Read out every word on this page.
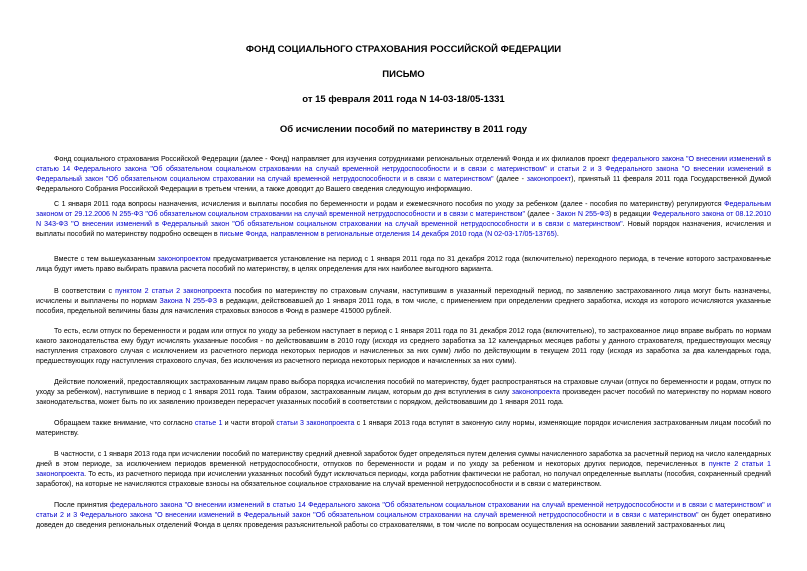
ФОНД СОЦИАЛЬНОГО СТРАХОВАНИЯ РОССИЙСКОЙ ФЕДЕРАЦИИ

ПИСЬМО

от 15 февраля 2011 года N 14-03-18/05-1331

Об исчислении пособий по материнству в 2011 году

Фонд социального страхования Российской Федерации (далее - Фонд) направляет для изучения сотрудниками региональных отделений Фонда и их филиалов проект федерального закона "О внесении изменений в статью 14 Федерального закона "Об обязательном социальном страховании на случай временной нетрудоспособности и в связи с материнством" и статьи 2 и 3 Федерального закона "О внесении изменений в Федеральный закон "Об обязательном социальном страховании на случай временной нетрудоспособности и в связи с материнством" (далее - законопроект), принятый 11 февраля 2011 года Государственной Думой Федерального Собрания Российской Федерации в третьем чтении, а также доводит до Вашего сведения следующую информацию.

С 1 января 2011 года вопросы назначения, исчисления и выплаты пособия по беременности и родам и ежемесячного пособия по уходу за ребенком (далее - пособия по материнству) регулируются Федеральным законом от 29.12.2006 N 255-ФЗ "Об обязательном социальном страховании на случай временной нетрудоспособности и в связи с материнством" (далее - Закон N 255-ФЗ) в редакции Федерального закона от 08.12.2010 N 343-ФЗ "О внесении изменений в Федеральный закон "Об обязательном социальном страховании на случай временной нетрудоспособности и в связи с материнством". Новый порядок назначения, исчисления и выплаты пособий по материнству подробно освещен в письме Фонда, направленном в региональные отделения 14 декабря 2010 года (N 02-03-17/05-13765).

Вместе с тем вышеуказанным законопроектом предусматривается установление на период с 1 января 2011 года по 31 декабря 2012 года (включительно) переходного периода, в течение которого застрахованные лица будут иметь право выбирать правила расчета пособий по материнству, в целях определения для них наиболее выгодного варианта.

В соответствии с пунктом 2 статьи 2 законопроекта пособия по материнству по страховым случаям, наступившим в указанный переходный период, по заявлению застрахованного лица могут быть назначены, исчислены и выплачены по нормам Закона N 255-ФЗ в редакции, действовавшей до 1 января 2011 года, в том числе, с применением при определении среднего заработка, исходя из которого исчисляются указанные пособия, предельной величины базы для начисления страховых взносов в Фонд в размере 415000 рублей.

То есть, если отпуск по беременности и родам или отпуск по уходу за ребенком наступает в период с 1 января 2011 года по 31 декабря 2012 года (включительно), то застрахованное лицо вправе выбрать по нормам какого законодательства ему будут исчислять указанные пособия - по действовавшим в 2010 году (исходя из среднего заработка за 12 календарных месяцев работы у данного страхователя, предшествующих месяцу наступления страхового случая с исключением из расчетного периода некоторых периодов и начисленных за них сумм) либо по действующим в текущем 2011 году (исходя из заработка за два календарных года, предшествующих году наступления страхового случая, без исключения из расчетного периода некоторых периодов и начисленных за них сумм).

Действие положений, предоставляющих застрахованным лицам право выбора порядка исчисления пособий по материнству, будет распространяться на страховые случаи (отпуск по беременности и родам, отпуск по уходу за ребенком), наступившие в период с 1 января 2011 года. Таким образом, застрахованным лицам, которым до дня вступления в силу законопроекта произведен расчет пособий по материнству по нормам нового законодательства, может быть по их заявлению произведен перерасчет указанных пособий в соответствии с порядком, действовавшим до 1 января 2011 года.

Обращаем также внимание, что согласно статье 1 и части второй статьи 3 законопроекта с 1 января 2013 года вступят в законную силу нормы, изменяющие порядок исчисления застрахованным лицам пособий по материнству.

В частности, с 1 января 2013 года при исчислении пособий по материнству средний дневной заработок будет определяться путем деления суммы начисленного заработка за расчетный период на число календарных дней в этом периоде, за исключением периодов временной нетрудоспособности, отпусков по беременности и родам и по уходу за ребенком и некоторых других периодов, перечисленных в пункте 2 статьи 1 законопроекта. То есть, из расчетного периода при исчислении указанных пособий будут исключаться периоды, когда работник фактически не работал, но получал определенные выплаты (пособия, сохраненный средний заработок), на которые не начисляются страховые взносы на обязательное социальное страхование на случай временной нетрудоспособности и в связи с материнством.

После принятия федерального закона "О внесении изменений в статью 14 Федерального закона "Об обязательном социальном страховании на случай временной нетрудоспособности и в связи с материнством" и статьи 2 и 3 Федерального закона "О внесении изменений в Федеральный закон "Об обязательном социальном страховании на случай временной нетрудоспособности и в связи с материнством" он будет оперативно доведен до сведения региональных отделений Фонда в целях проведения разъяснительной работы со страхователями, в том числе по вопросам осуществления на основании заявлений застрахованных лиц
